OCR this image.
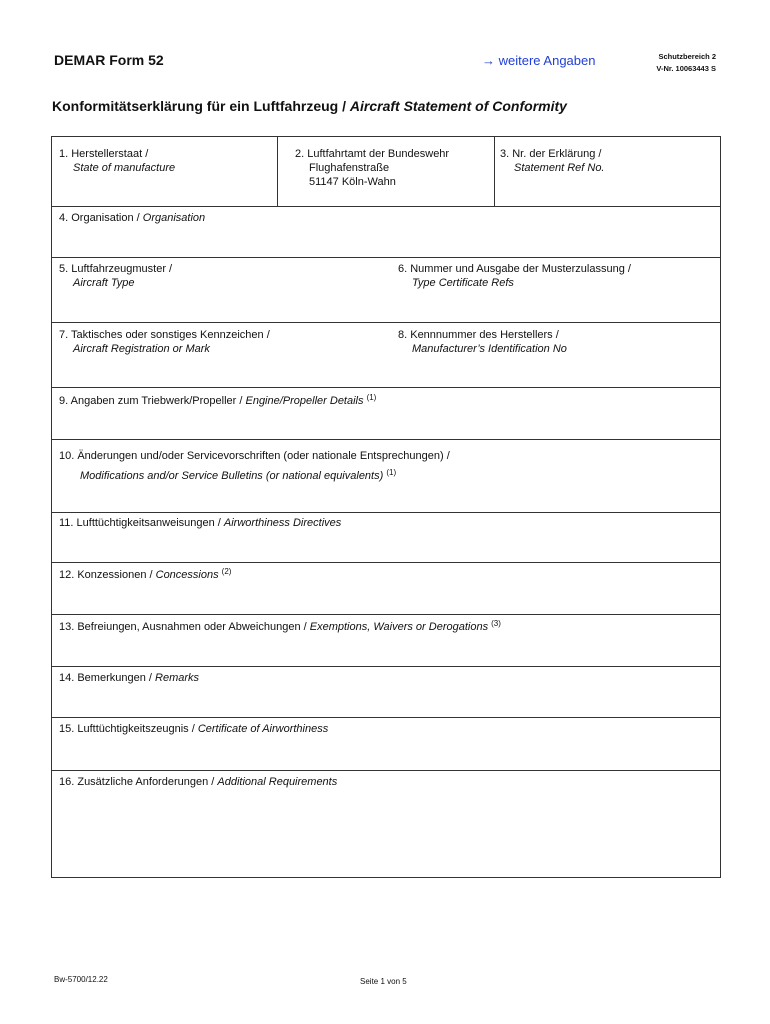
DEMAR Form 52	→ weitere Angaben	Schutzbereich 2
V-Nr. 10063443 S
Konformitätserklärung für ein Luftfahrzeug / Aircraft Statement of Conformity
1. Herstellerstaat /
State of manufacture
2. Luftfahrtamt der Bundeswehr
Flughafenstraße
51147 Köln-Wahn
3. Nr. der Erklärung /
Statement Ref No.
4. Organisation / Organisation
5. Luftfahrzeugmuster /
Aircraft Type
6. Nummer und Ausgabe der Musterzulassung /
Type Certificate Refs
7. Taktisches oder sonstiges Kennzeichen /
Aircraft Registration or Mark
8. Kennnummer des Herstellers /
Manufacturer’s Identification No
9. Angaben zum Triebwerk/Propeller / Engine/Propeller Details $^{(1)}$
10. Änderungen und/oder Servicevorschriften (oder nationale Entsprechungen) /
Modifications and/or Service Bulletins (or national equivalents) $^{(1)}$
11. Lufttüchtigkeitsanweisungen / Airworthiness Directives
12. Konzessionen / Concessions $^{(2)}$
13. Befreiungen, Ausnahmen oder Abweichungen / Exemptions, Waivers or Derogations $^{(3)}$
14. Bemerkungen / Remarks
15. Lufttüchtigkeitszeugnis / Certificate of Airworthiness
16. Zusätzliche Anforderungen / Additional Requirements
Bw-5700/12.22	Seite 1 von 5
